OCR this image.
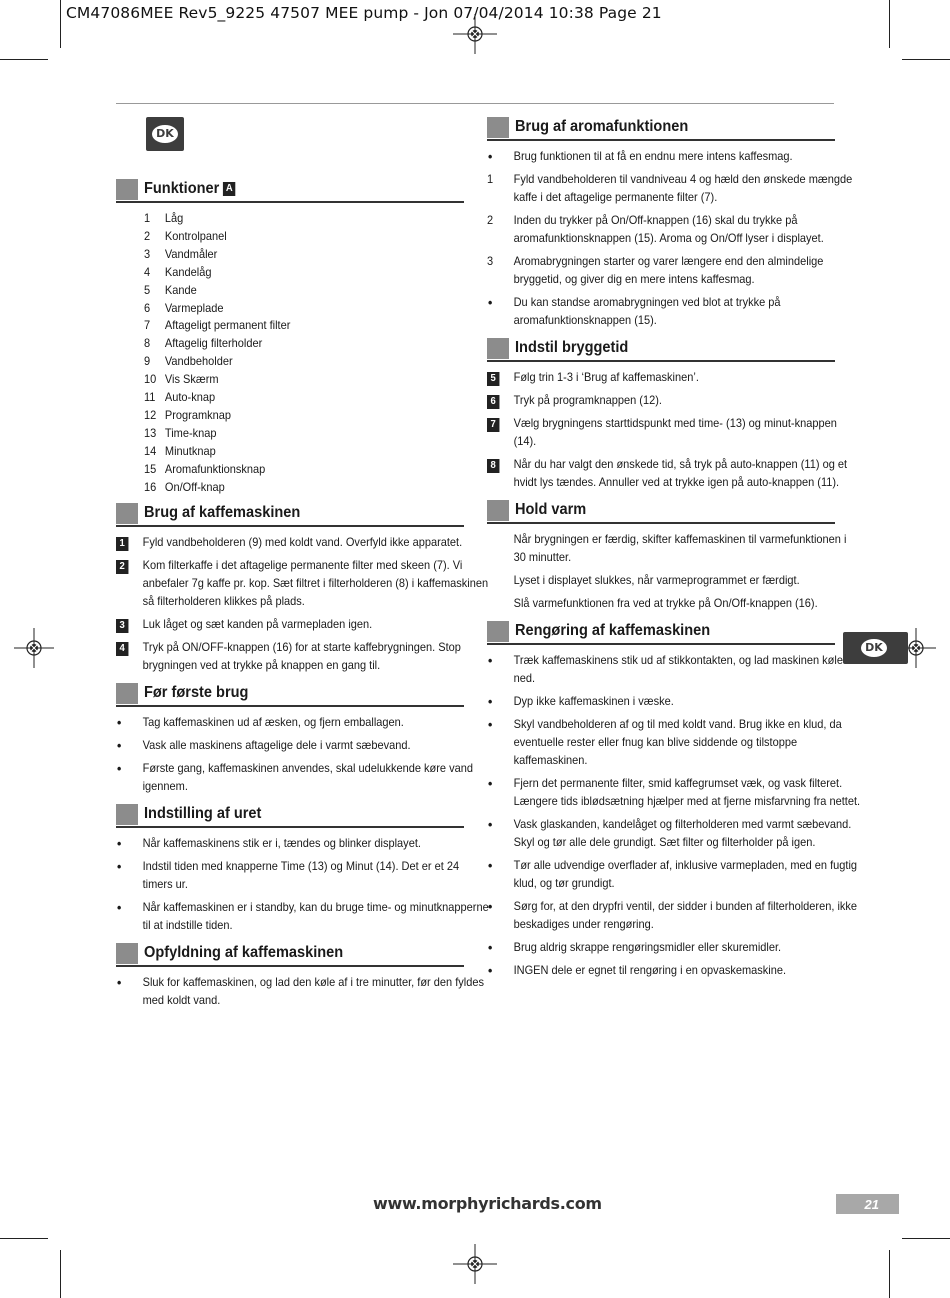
CM47086MEE Rev5_9225 47507 MEE pump - Jon 07/04/2014 10:38 Page 21
DK
Funktioner A
1 Låg
2 Kontrolpanel
3 Vandmåler
4 Kandelåg
5 Kande
6 Varmeplade
7 Aftageligt permanent filter
8 Aftagelig filterholder
9 Vandbeholder
10 Vis Skærm
11 Auto-knap
12 Programknap
13 Time-knap
14 Minutknap
15 Aromafunktionsknap
16 On/Off-knap
Brug af kaffemaskinen
1	Fyld vandbeholderen (9) med koldt vand. Overfyld ikke apparatet.
2	Kom filterkaffe i det aftagelige permanente filter med skeen (7). Vi anbefaler 7g kaffe pr. kop. Sæt filtret i filterholderen (8) i kaffemaskinen så filterholderen klikkes på plads.
3	Luk låget og sæt kanden på varmepladen igen.
4	Tryk på ON/OFF-knappen (16) for at starte kaffebrygningen. Stop brygningen ved at trykke på knappen en gang til.
Før første brug
•	Tag kaffemaskinen ud af æsken, og fjern emballagen.
•	Vask alle maskinens aftagelige dele i varmt sæbevand.
•	Første gang, kaffemaskinen anvendes, skal udelukkende køre vand igennem.
Indstilling af uret
•	Når kaffemaskinens stik er i, tændes og blinker displayet.
•	Indstil tiden med knapperne Time (13) og Minut (14). Det er et 24 timers ur.
•	Når kaffemaskinen er i standby, kan du bruge time- og minutknapperne til at indstille tiden.
Opfyldning af kaffemaskinen
•	Sluk for kaffemaskinen, og lad den køle af i tre minutter, før den fyldes med koldt vand.
Brug af aromafunktionen
•	Brug funktionen til at få en endnu mere intens kaffesmag.
1	Fyld vandbeholderen til vandniveau 4 og hæld den ønskede mængde kaffe i det aftagelige permanente filter (7).
2	Inden du trykker på On/Off-knappen (16) skal du trykke på aromafunktionsknappen (15). Aroma og On/Off lyser i displayet.
3	Aromabrygningen starter og varer længere end den almindelige bryggetid, og giver dig en mere intens kaffesmag.
•	Du kan standse aromabrygningen ved blot at trykke på aromafunktionsknappen (15).
Indstil bryggetid
5	Følg trin 1-3 i ‘Brug af kaffemaskinen’.
6	Tryk på programknappen (12).
7	Vælg brygningens starttidspunkt med time- (13) og minut-knappen (14).
8	Når du har valgt den ønskede tid, så tryk på auto-knappen (11) og et hvidt lys tændes. Annuller ved at trykke igen på auto-knappen (11).
Hold varm
Når brygningen er færdig, skifter kaffemaskinen til varmefunktionen i 30 minutter.
Lyset i displayet slukkes, når varmeprogrammet er færdigt.
Slå varmefunktionen fra ved at trykke på On/Off-knappen (16).
Rengøring af kaffemaskinen
•	Træk kaffemaskinens stik ud af stikkontakten, og lad maskinen køle ned.
•	Dyp ikke kaffemaskinen i væske.
•	Skyl vandbeholderen af og til med koldt vand. Brug ikke en klud, da eventuelle rester eller fnug kan blive siddende og tilstoppe kaffemaskinen.
•	Fjern det permanente filter, smid kaffegrumset væk, og vask filteret. Længere tids iblødsætning hjælper med at fjerne misfarvning fra nettet.
•	Vask glaskanden, kandelåget og filterholderen med varmt sæbevand. Skyl og tør alle dele grundigt. Sæt filter og filterholder på igen.
•	Tør alle udvendige overflader af, inklusive varmepladen, med en fugtig klud, og tør grundigt.
•	Sørg for, at den drypfri ventil, der sidder i bunden af filterholderen, ikke beskadiges under rengøring.
•	Brug aldrig skrappe rengøringsmidler eller skuremidler.
•	INGEN dele er egnet til rengøring i en opvaskemaskine.
DK
www.morphyrichards.com	21
